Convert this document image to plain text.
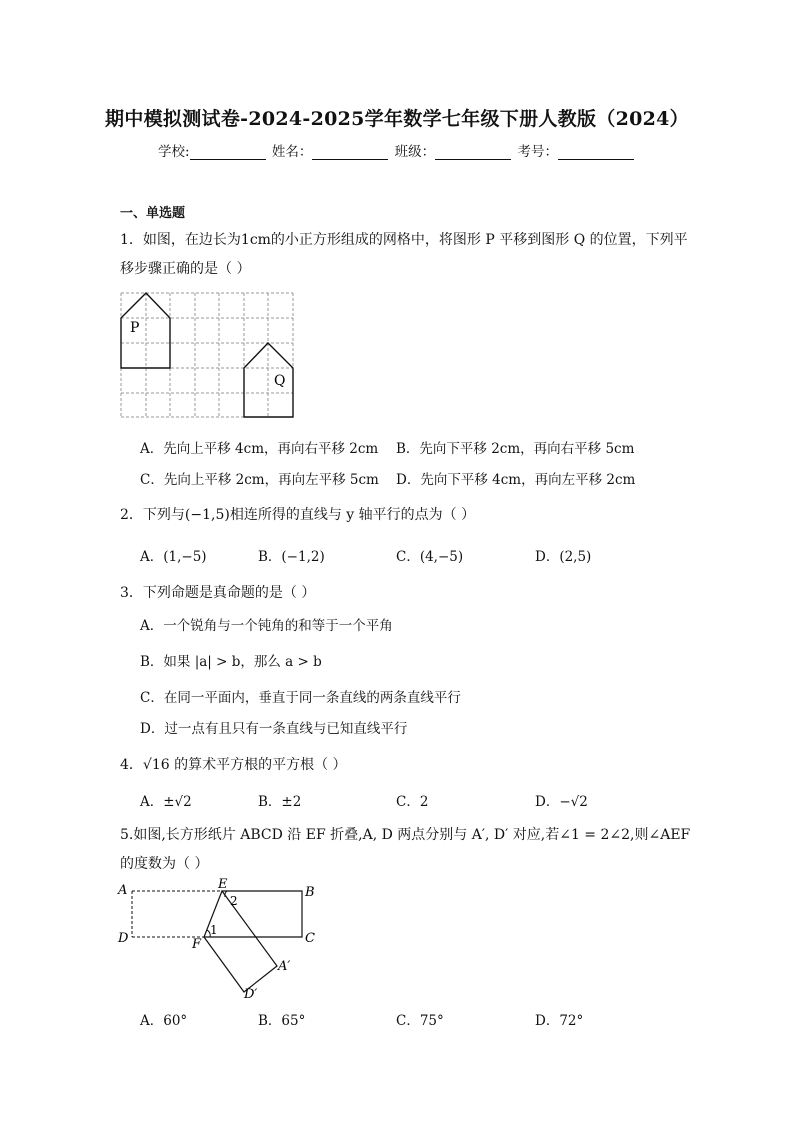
期中模拟测试卷-2024-2025学年数学七年级下册人教版（2024）
学校:	姓名：	班级：	考号：
一、单选题
1．如图，在边长为1cm的小正方形组成的网格中，将图形 P 平移到图形 Q 的位置，下列平
移步骤正确的是（ ）
P
Q
A．先向上平移 4cm，再向右平移 2cm B．先向下平移 2cm，再向右平移 5cm
C．先向上平移 2cm，再向左平移 5cm D．先向下平移 4cm，再向左平移 2cm
2．下列与(−1,5)相连所得的直线与 y 轴平行的点为（ ）
A．(1,−5)	B．(−1,2)	C．(4,−5)	D．(2,5)
3．下列命题是真命题的是（ ）
A．一个锐角与一个钝角的和等于一个平角
B．如果 |a| > b，那么 a > b
C．在同一平面内，垂直于同一条直线的两条直线平行
D．过一点有且只有一条直线与已知直线平行
4．√16 的算术平方根的平方根（ ）
A．±√2	B．±2	C．2	D．−√2
5.如图,长方形纸片 ABCD 沿 EF 折叠,A, D 两点分别与 A′, D′ 对应,若∠1 = 2∠2,则∠AEF
的度数为（ ）
A	E
B
D	C
F
A′
D′
2
1
A．60°	B．65°	C．75°	D．72°
